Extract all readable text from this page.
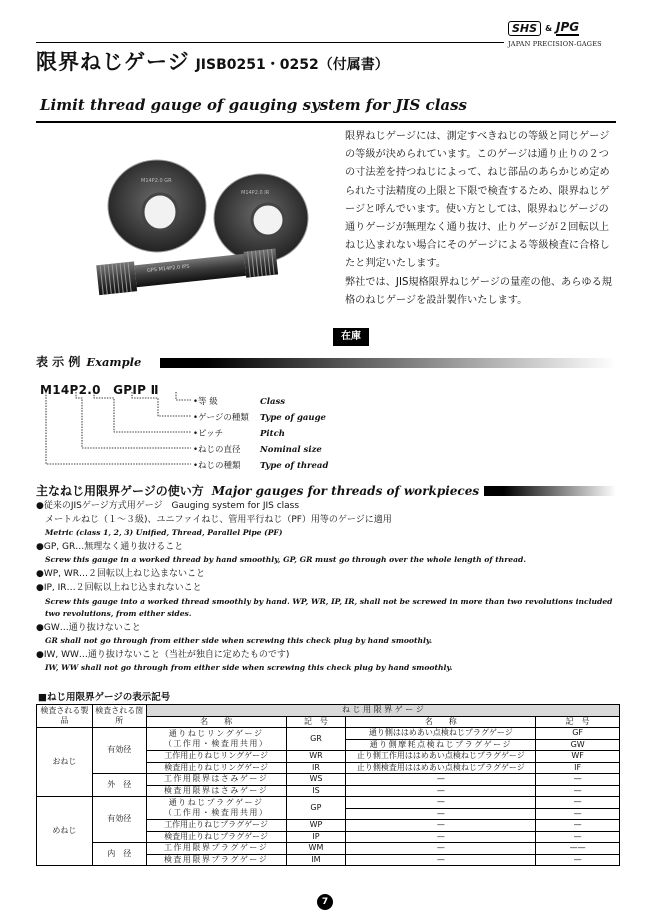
SHS	& JPG
JAPAN PRECISION-GAGES
限界ねじゲージ JISB0251・0252（付属書）
Limit thread gauge of gauging system for JIS class
M14P2.0 GR
M14P2.0 IR
GPS M14P2.0 IPS

限界ねじゲージには、測定すべきねじの等級と同じゲージの等級が決められています。このゲージは通り止りの２つの寸法差を持つねじによって、ねじ部品のあらかじめ定められた寸法精度の上限と下限で検査するため、限界ねじゲージと呼んでいます。使い方としては、限界ねじゲージの通りゲージが無理なく通り抜け、止りゲージが２回転以上ねじ込まれない場合にそのゲージによる等級検査に合格したと判定いたします。

弊社では、JIS規格限界ねじゲージの量産の他、あらゆる規格のねじゲージを設計製作いたします。

在庫
表 示 例 Example
M14P2.0　GPIP Ⅱ
•等 級	Class
•ゲージの種類 Type of gauge
•ピッチ	Pitch
•ねじの直径 Nominal size
•ねじの種類 Type of thread
主なねじ用限界ゲージの使い方 Major gauges for threads of workpieces
●従来のJISゲージ方式用ゲージ　Gauging system for JIS class
メートルねじ（１～３級)、ユニファイねじ、管用平行ねじ（PF）用等のゲージに適用
Metric (class 1, 2, 3) Unified, Thread, Parallel Pipe (PF)
●GP, GR…無理なく通り抜けること
Screw this gauge in a worked thread by hand smoothly, GP, GR must go through over the whole length of thread.
●WP, WR…２回転以上ねじ込まないこと
●IP, IR…２回転以上ねじ込まれないこと
Screw this gauge into a worked thread smoothly by hand. WP, WR, IP, IR, shall not be screwed in more than two revolutions included two revolutions, from either sides.
●GW…通り抜けないこと
GR shall not go through from either side when screwing this check plug by hand smoothly.
●IW, WW…通り抜けないこと（当社が独自に定めたものです)
IW, WW shall not go through from either side when screwing this check plug by hand smoothly.
■ねじ用限界ゲージの表示記号
検査される製品	検査される箇所	ね じ 用 限 界 ゲ ー ジ			
		名　　称	記　号	名　　称	記　号
おねじ	有効径	通りねじリングゲージ
（工作用・検査用共用）	GR	通り側ははめあい点検ねじプラグゲージ	GF
				通り側摩耗点検ねじプラグゲージ	GW
		工作用止りねじリングゲージ	WR	止り側工作用ははめあい点検ねじプラグゲージ	WF
		検査用止りねじリングゲージ	IR	止り側検査用ははめあい点検ねじプラグゲージ	IF
	外　径	工作用限界はさみゲージ	WS	—	—
		検査用限界はさみゲージ	IS	—	—
めねじ	有効径	通りねじプラグゲージ
（工作用・検査用共用）	GP	—	—
				—	—
		工作用止りねじプラグゲージ	WP	—	—
		検査用止りねじプラグゲージ	IP	—	—
	内　径	工作用限界プラグゲージ	WM	—	——
		検査用限界プラグゲージ	IM	—	—
7
